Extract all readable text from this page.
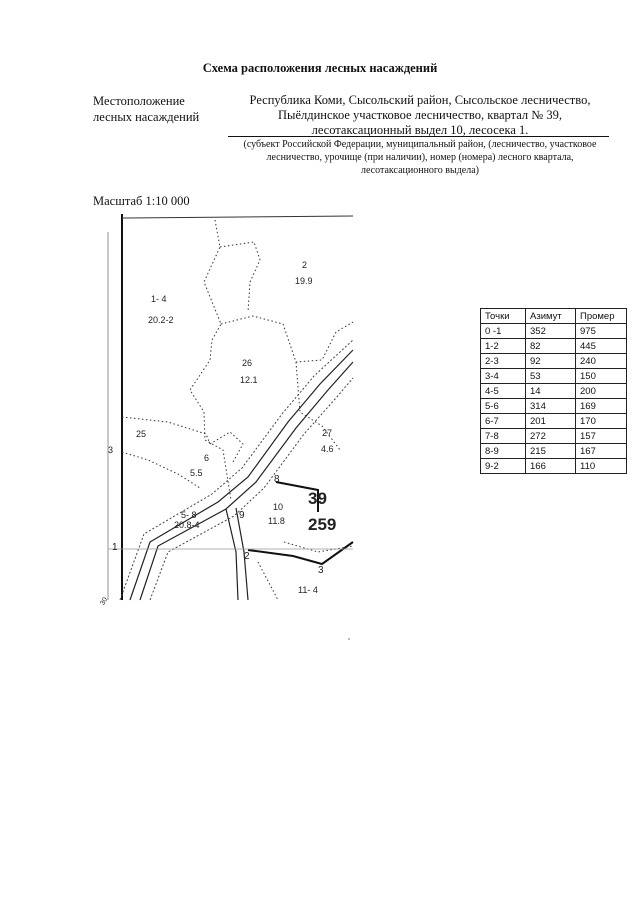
Схема расположения лесных насаждений
Местоположение
лесных насаждений
Республика Коми, Сысольский район, Сысольское лесничество,
Пыёлдинское участковое лесничество, квартал № 39,
лесотаксационный выдел 10, лесосека 1.
(субъект Российской Федерации, муниципальный район, (лесничество, участковое
лесничество, урочище (при наличии), номер (номера) лесного квартала,
лесотаксационного выдела)
Масштаб 1:10 000
2
19.9
1- 4
20.2-2
26
12.1
25
6
5.5
27
4.6
5- 8
20.8-4
10
11.8
11- 4
39
259
3
1
2
3
8
9
30
Точки	Азимут	Промер
0 -1	352	975
1-2	82	445
2-3	92	240
3-4	53	150
4-5	14	200
5-6	314	169
6-7	201	170
7-8	272	157
8-9	215	167
9-2	166	110
